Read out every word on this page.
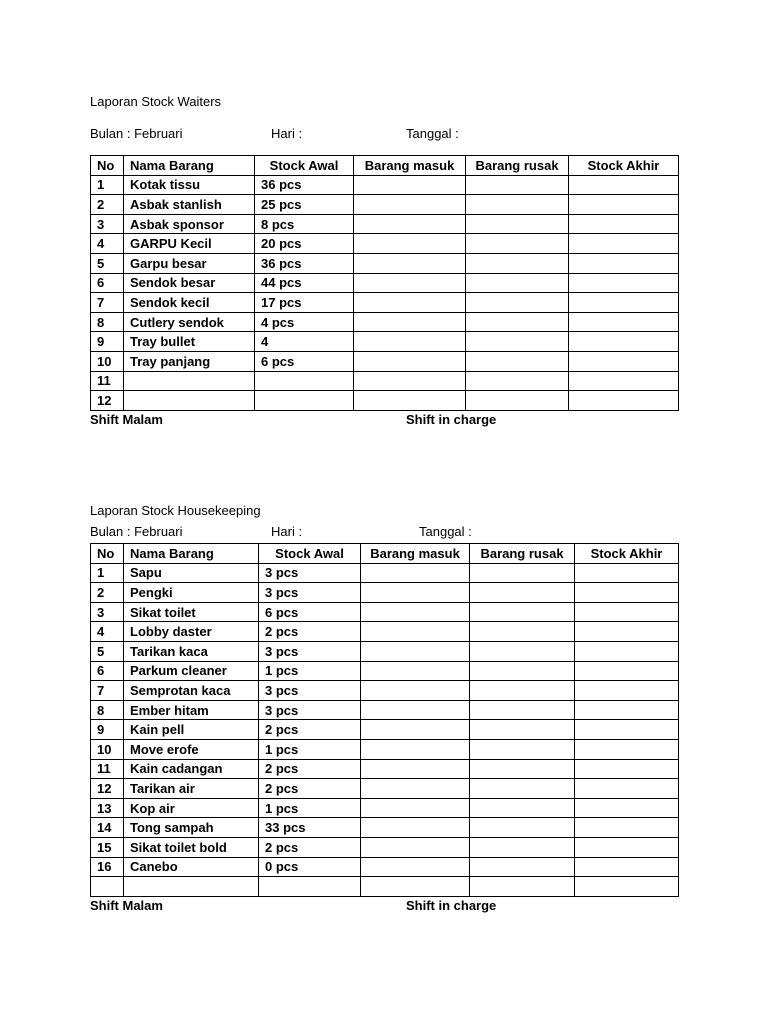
Laporan Stock Waiters
Bulan : Februari	Hari :	Tanggal :
No	Nama Barang	Stock Awal	Barang masuk	Barang rusak	Stock Akhir
1	Kotak tissu	36 pcs			
2	Asbak stanlish	25 pcs			
3	Asbak sponsor	8 pcs			
4	GARPU Kecil	20 pcs			
5	Garpu besar	36 pcs			
6	Sendok besar	44 pcs			
7	Sendok kecil	17 pcs			
8	Cutlery sendok	4 pcs			
9	Tray bullet	4			
10	Tray panjang	6 pcs			
11					
12					
Shift Malam	Shift in charge
Laporan Stock Housekeeping
Bulan : Februari	Hari :	Tanggal :
No	Nama Barang	Stock Awal	Barang masuk	Barang rusak	Stock Akhir
1	Sapu	3 pcs			
2	Pengki	3 pcs			
3	Sikat toilet	6 pcs			
4	Lobby daster	2 pcs			
5	Tarikan kaca	3 pcs			
6	Parkum cleaner	1 pcs			
7	Semprotan kaca	3 pcs			
8	Ember hitam	3 pcs			
9	Kain pell	2 pcs			
10	Move erofe	1 pcs			
11	Kain cadangan	2 pcs			
12	Tarikan air	2 pcs			
13	Kop air	1 pcs			
14	Tong sampah	33 pcs			
15	Sikat toilet bold	2 pcs			
16	Canebo	0 pcs			

Shift Malam	Shift in charge
